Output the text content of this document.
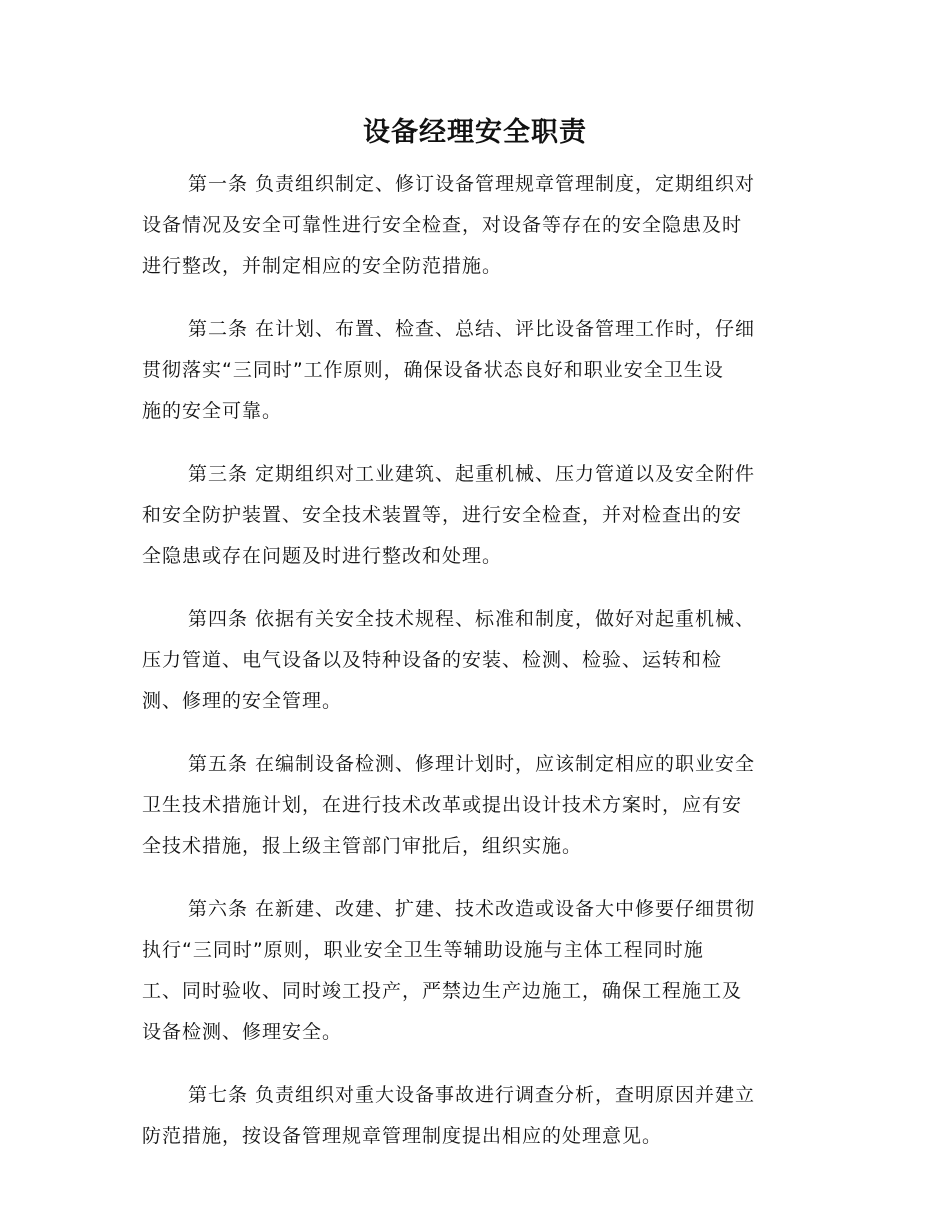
设备经理安全职责

第一条 负责组织制定、修订设备管理规章管理制度，定期组织对
设备情况及安全可靠性进行安全检查，对设备等存在的安全隐患及时
进行整改，并制定相应的安全防范措施。

第二条 在计划、布置、检查、总结、评比设备管理工作时，仔细
贯彻落实“三同时”工作原则，确保设备状态良好和职业安全卫生设
施的安全可靠。

第三条 定期组织对工业建筑、起重机械、压力管道以及安全附件
和安全防护装置、安全技术装置等，进行安全检查，并对检查出的安
全隐患或存在问题及时进行整改和处理。

第四条 依据有关安全技术规程、标准和制度，做好对起重机械、
压力管道、电气设备以及特种设备的安装、检测、检验、运转和检
测、修理的安全管理。

第五条 在编制设备检测、修理计划时，应该制定相应的职业安全
卫生技术措施计划，在进行技术改革或提出设计技术方案时，应有安
全技术措施，报上级主管部门审批后，组织实施。

第六条 在新建、改建、扩建、技术改造或设备大中修要仔细贯彻
执行“三同时”原则，职业安全卫生等辅助设施与主体工程同时施
工、同时验收、同时竣工投产，严禁边生产边施工，确保工程施工及
设备检测、修理安全。

第七条 负责组织对重大设备事故进行调查分析，查明原因并建立
防范措施，按设备管理规章管理制度提出相应的处理意见。
